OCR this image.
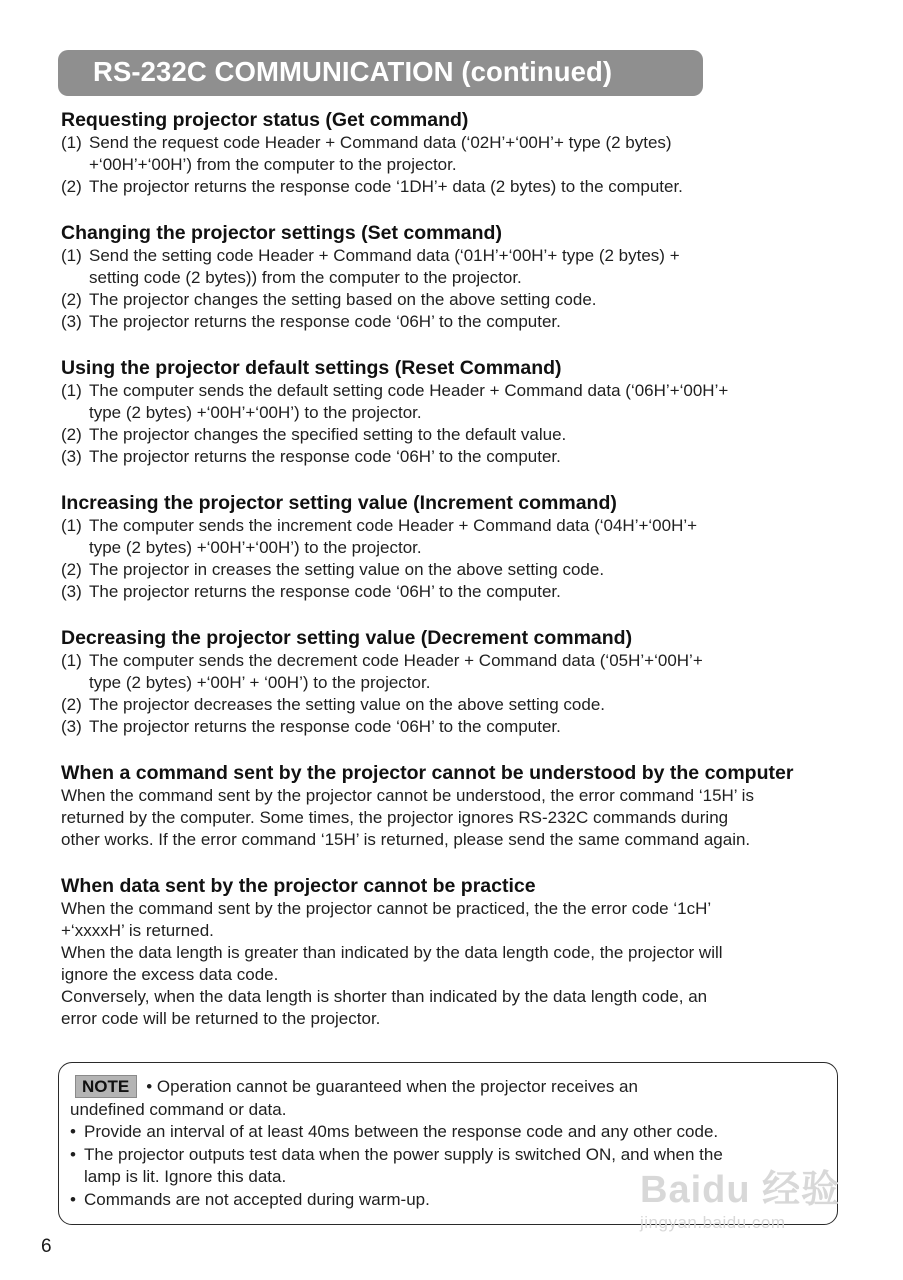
RS-232C COMMUNICATION (continued)
Requesting projector status (Get command)
(1) Send the request code Header + Command data (‘02H’+‘00H’+ type (2 bytes)
+‘00H’+‘00H’) from the computer to the projector.
(2) The projector returns the response code ‘1DH’+ data (2 bytes) to the computer.
Changing the projector settings (Set command)
(1) Send the setting code Header + Command data (‘01H’+‘00H’+ type (2 bytes) +
setting code (2 bytes)) from the computer to the projector.
(2) The projector changes the setting based on the above setting code.
(3) The projector returns the response code ‘06H’ to the computer.
Using the projector default settings (Reset Command)
(1) The computer sends the default setting code Header + Command data (‘06H’+‘00H’+
type (2 bytes) +‘00H’+‘00H’) to the projector.
(2) The projector changes the specified setting to the default value.
(3) The projector returns the response code ‘06H’ to the computer.
Increasing the projector setting value (Increment command)
(1) The computer sends the increment code Header + Command data (‘04H’+‘00H’+
type (2 bytes) +‘00H’+‘00H’) to the projector.
(2) The projector in creases the setting value on the above setting code.
(3) The projector returns the response code ‘06H’ to the computer.
Decreasing the projector setting value (Decrement command)
(1) The computer sends the decrement code Header + Command data (‘05H’+‘00H’+
type (2 bytes) +‘00H’ + ‘00H’) to the projector.
(2) The projector decreases the setting value on the above setting code.
(3) The projector returns the response code ‘06H’ to the computer.
When a command sent by the projector cannot be understood by the computer

When the command sent by the projector cannot be understood, the error command ‘15H’ is

returned by the computer. Some times, the projector ignores RS-232C commands during

other works. If the error command ‘15H’ is returned, please send the same command again.

When data sent by the projector cannot be practice

When the command sent by the projector cannot be practiced, the the error code ‘1cH’

+‘xxxxH’ is returned.

When the data length is greater than indicated by the data length code, the projector will

ignore the excess data code.

Conversely, when the data length is shorter than indicated by the data length code, an

error code will be returned to the projector.

NOTE • Operation cannot be guaranteed when the projector receives an
undefined command or data.
• Provide an interval of at least 40ms between the response code and any other code.
• The projector outputs test data when the power supply is switched ON, and when the
lamp is lit. Ignore this data.
• Commands are not accepted during warm-up.
6
Baidu 经验
jingyan.baidu.com
